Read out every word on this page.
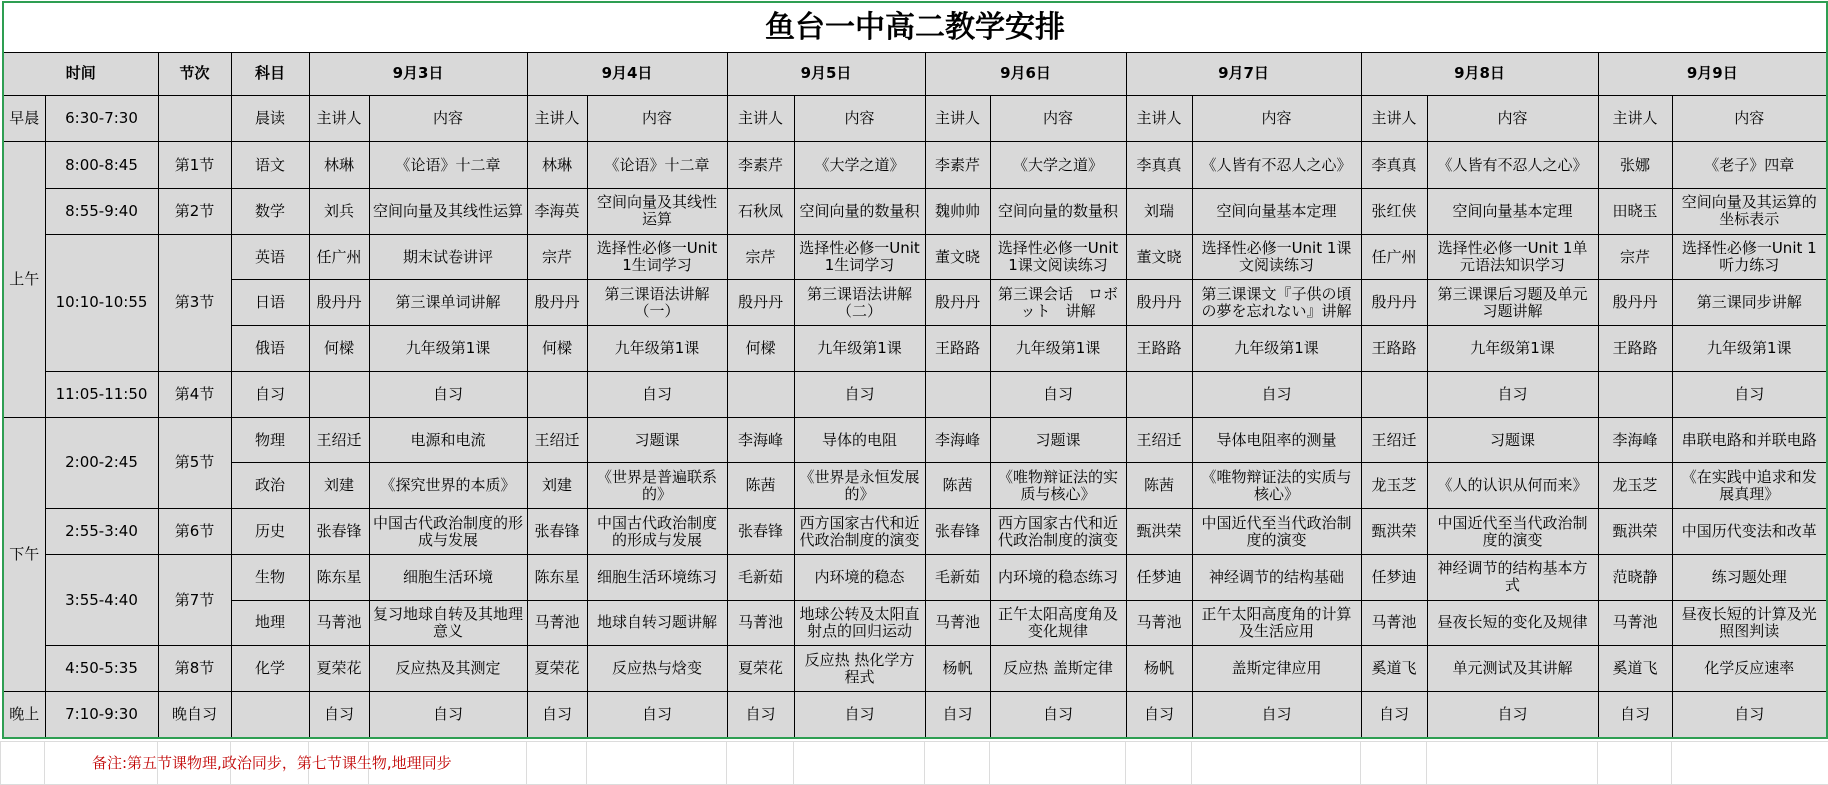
鱼台一中高二教学安排																	
时间		节次	科目	9月3日		9月4日		9月5日		9月6日		9月7日		9月8日		9月9日	
早晨	6:30-7:30		晨读	主讲人	内容	主讲人	内容	主讲人	内容	主讲人	内容	主讲人	内容	主讲人	内容	主讲人	内容
上午	8:00-8:45	第1节	语文	林琳	《论语》十二章	林琳	《论语》十二章	李素芹	《大学之道》	李素芹	《大学之道》	李真真	《人皆有不忍人之心》	李真真	《人皆有不忍人之心》	张娜	《老子》四章

	8:55-9:40	第2节	数学	刘兵	空间向量及其线性运算	李海英	空间向量及其线性运算	石秋凤	空间向量的数量积	魏帅帅	空间向量的数量积	刘瑞	空间向量基本定理	张红侠	空间向量基本定理	田晓玉	空间向量及其运算的坐标表示

	10:10-10:55	第3节	英语	任广州	期末试卷讲评	宗芹	选择性必修一Unit 1生词学习	宗芹	选择性必修一Unit 1生词学习	董文晓	选择性必修一Unit 1课文阅读练习	董文晓	选择性必修一Unit 1课文阅读练习	任广州	选择性必修一Unit 1单元语法知识学习	宗芹	选择性必修一Unit 1听力练习

			日语	殷丹丹	第三课单词讲解	殷丹丹	第三课语法讲解（一）	殷丹丹	第三课语法讲解（二）	殷丹丹	第三课会话　ロボット　讲解	殷丹丹	第三课课文『子供の頃の夢を忘れない』讲解	殷丹丹	第三课课后习题及单元习题讲解	殷丹丹	第三课同步讲解

			俄语	何樑	九年级第1课	何樑	九年级第1课	何樑	九年级第1课	王路路	九年级第1课	王路路	九年级第1课	王路路	九年级第1课	王路路	九年级第1课

	11:05-11:50	第4节	自习		自习		自习		自习		自习		自习		自习		自习

下午	2:00-2:45	第5节	物理	王绍迁	电源和电流	王绍迁	习题课	李海峰	导体的电阻	李海峰	习题课	王绍迁	导体电阻率的测量	王绍迁	习题课	李海峰	串联电路和并联电路

			政治	刘建	《探究世界的本质》	刘建	《世界是普遍联系的》	陈茜	《世界是永恒发展的》	陈茜	《唯物辩证法的实质与核心》	陈茜	《唯物辩证法的实质与核心》	龙玉芝	《人的认识从何而来》	龙玉芝	《在实践中追求和发展真理》

	2:55-3:40	第6节	历史	张春锋	中国古代政治制度的形成与发展	张春锋	中国古代政治制度的形成与发展	张春锋	西方国家古代和近代政治制度的演变	张春锋	西方国家古代和近代政治制度的演变	甄洪荣	中国近代至当代政治制度的演变	甄洪荣	中国近代至当代政治制度的演变	甄洪荣	中国历代变法和改革

	3:55-4:40	第7节	生物	陈东星	细胞生活环境	陈东星	细胞生活环境练习	毛新茹	内环境的稳态	毛新茹	内环境的稳态练习	任梦迪	神经调节的结构基础	任梦迪	神经调节的结构基本方式	范晓静	练习题处理

			地理	马菁池	复习地球自转及其地理意义	马菁池	地球自转习题讲解	马菁池	地球公转及太阳直射点的回归运动	马菁池	正午太阳高度角及变化规律	马菁池	正午太阳高度角的计算及生活应用	马菁池	昼夜长短的变化及规律	马菁池	昼夜长短的计算及光照图判读

	4:50-5:35	第8节	化学	夏荣花	反应热及其测定	夏荣花	反应热与焓变	夏荣花	反应热 热化学方程式	杨帆	反应热 盖斯定律	杨帆	盖斯定律应用	奚道飞	单元测试及其讲解	奚道飞	化学反应速率

晚上	7:10-9:30	晚自习		自习	自习	自习	自习	自习	自习	自习	自习	自习	自习	自习	自习	自习	自习

备注:第五节课物理,政治同步，第七节课生物,地理同步
